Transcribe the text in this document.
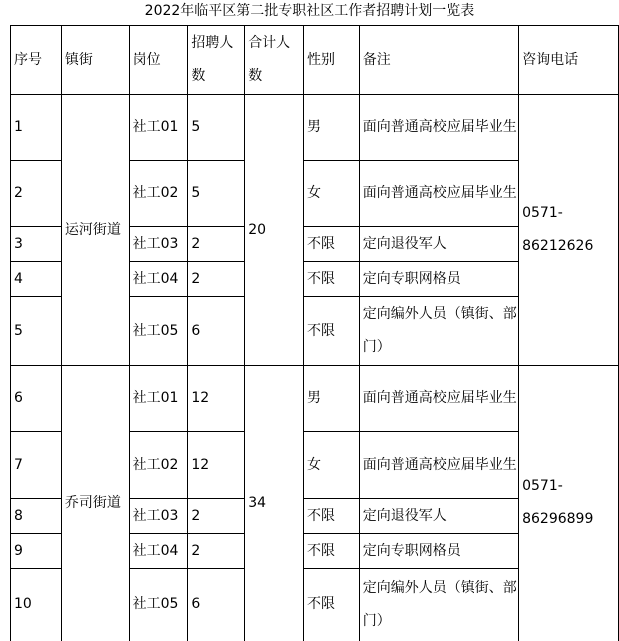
2022年临平区第二批专职社区工作者招聘计划一览表
序号	镇街	岗位	招聘人数	合计人数	性别	备注	咨询电话
1	运河街道	社工01	5	20	男	面向普通高校应届毕业生	0571-86212626
2		社工02	5		女	面向普通高校应届毕业生	
3		社工03	2		不限	定向退役军人	
4		社工04	2		不限	定向专职网格员	
5		社工05	6		不限	定向编外人员（镇街、部门）	
6	乔司街道	社工01	12	34	男	面向普通高校应届毕业生	0571-86296899
7		社工02	12		女	面向普通高校应届毕业生	
8		社工03	2		不限	定向退役军人	
9		社工04	2		不限	定向专职网格员	
10		社工05	6		不限	定向编外人员（镇街、部门）	
